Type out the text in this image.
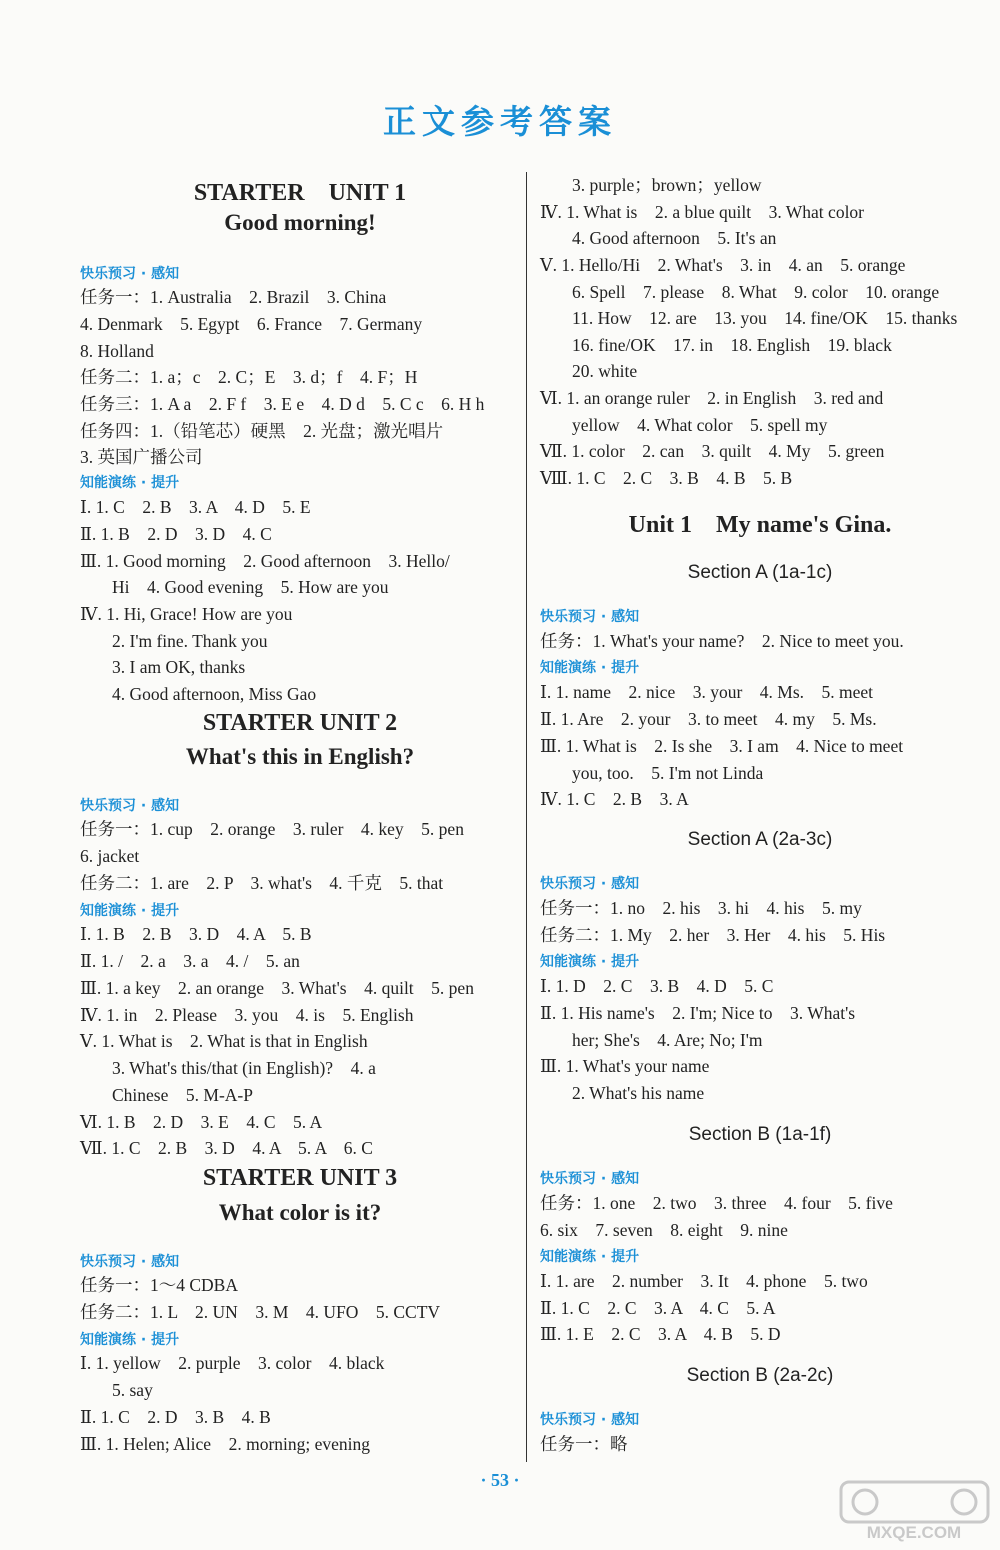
正文参考答案
STARTER　UNIT 1
Good morning!
快乐预习 · 感知
任务一：1. Australia　2. Brazil　3. China
4. Denmark　5. Egypt　6. France　7. Germany
8. Holland
任务二：1. a；c　2. C；E　3. d；f　4. F；H
任务三：1. A a　2. F f　3. E e　4. D d　5. C c　6. H h
任务四：1.（铅笔芯）硬黑　2. 光盘；激光唱片
3. 英国广播公司
知能演练 · 提升
Ⅰ. 1. C　2. B　3. A　4. D　5. E
Ⅱ. 1. B　2. D　3. D　4. C
Ⅲ. 1. Good morning　2. Good afternoon　3. Hello/
Hi　4. Good evening　5. How are you
Ⅳ. 1. Hi, Grace! How are you
2. I'm fine. Thank you
3. I am OK, thanks
4. Good afternoon, Miss Gao
STARTER UNIT 2
What's this in English?
快乐预习 · 感知
任务一：1. cup　2. orange　3. ruler　4. key　5. pen
6. jacket
任务二：1. are　2. P　3. what's　4. 千克　5. that
知能演练 · 提升
Ⅰ. 1. B　2. B　3. D　4. A　5. B
Ⅱ. 1. /　2. a　3. a　4. /　5. an
Ⅲ. 1. a key　2. an orange　3. What's　4. quilt　5. pen
Ⅳ. 1. in　2. Please　3. you　4. is　5. English
Ⅴ. 1. What is　2. What is that in English
3. What's this/that (in English)?　4. a
Chinese　5. M-A-P
Ⅵ. 1. B　2. D　3. E　4. C　5. A
Ⅶ. 1. C　2. B　3. D　4. A　5. A　6. C
STARTER UNIT 3
What color is it?
快乐预习 · 感知
任务一：1～4 CDBA
任务二：1. L　2. UN　3. M　4. UFO　5. CCTV
知能演练 · 提升
Ⅰ. 1. yellow　2. purple　3. color　4. black
5. say
Ⅱ. 1. C　2. D　3. B　4. B
Ⅲ. 1. Helen; Alice　2. morning; evening
3. purple；brown；yellow
Ⅳ. 1. What is　2. a blue quilt　3. What color
4. Good afternoon　5. It's an
Ⅴ. 1. Hello/Hi　2. What's　3. in　4. an　5. orange
6. Spell　7. please　8. What　9. color　10. orange
11. How　12. are　13. you　14. fine/OK　15. thanks
16. fine/OK　17. in　18. English　19. black
20. white
Ⅵ. 1. an orange ruler　2. in English　3. red and
yellow　4. What color　5. spell my
Ⅶ. 1. color　2. can　3. quilt　4. My　5. green
Ⅷ. 1. C　2. C　3. B　4. B　5. B
Unit 1　My name's Gina.
Section A (1a-1c)
快乐预习 · 感知
任务：1. What's your name?　2. Nice to meet you.
知能演练 · 提升
Ⅰ. 1. name　2. nice　3. your　4. Ms.　5. meet
Ⅱ. 1. Are　2. your　3. to meet　4. my　5. Ms.
Ⅲ. 1. What is　2. Is she　3. I am　4. Nice to meet
you, too.　5. I'm not Linda
Ⅳ. 1. C　2. B　3. A
Section A (2a-3c)
快乐预习 · 感知
任务一：1. no　2. his　3. hi　4. his　5. my
任务二：1. My　2. her　3. Her　4. his　5. His
知能演练 · 提升
Ⅰ. 1. D　2. C　3. B　4. D　5. C
Ⅱ. 1. His name's　2. I'm; Nice to　3. What's
her; She's　4. Are; No; I'm
Ⅲ. 1. What's your name
2. What's his name
Section B (1a-1f)
快乐预习 · 感知
任务：1. one　2. two　3. three　4. four　5. five
6. six　7. seven　8. eight　9. nine
知能演练 · 提升
Ⅰ. 1. are　2. number　3. It　4. phone　5. two
Ⅱ. 1. C　2. C　3. A　4. C　5. A
Ⅲ. 1. E　2. C　3. A　4. B　5. D
Section B (2a-2c)
快乐预习 · 感知
任务一：略
· 53 ·
MXQE.COM
